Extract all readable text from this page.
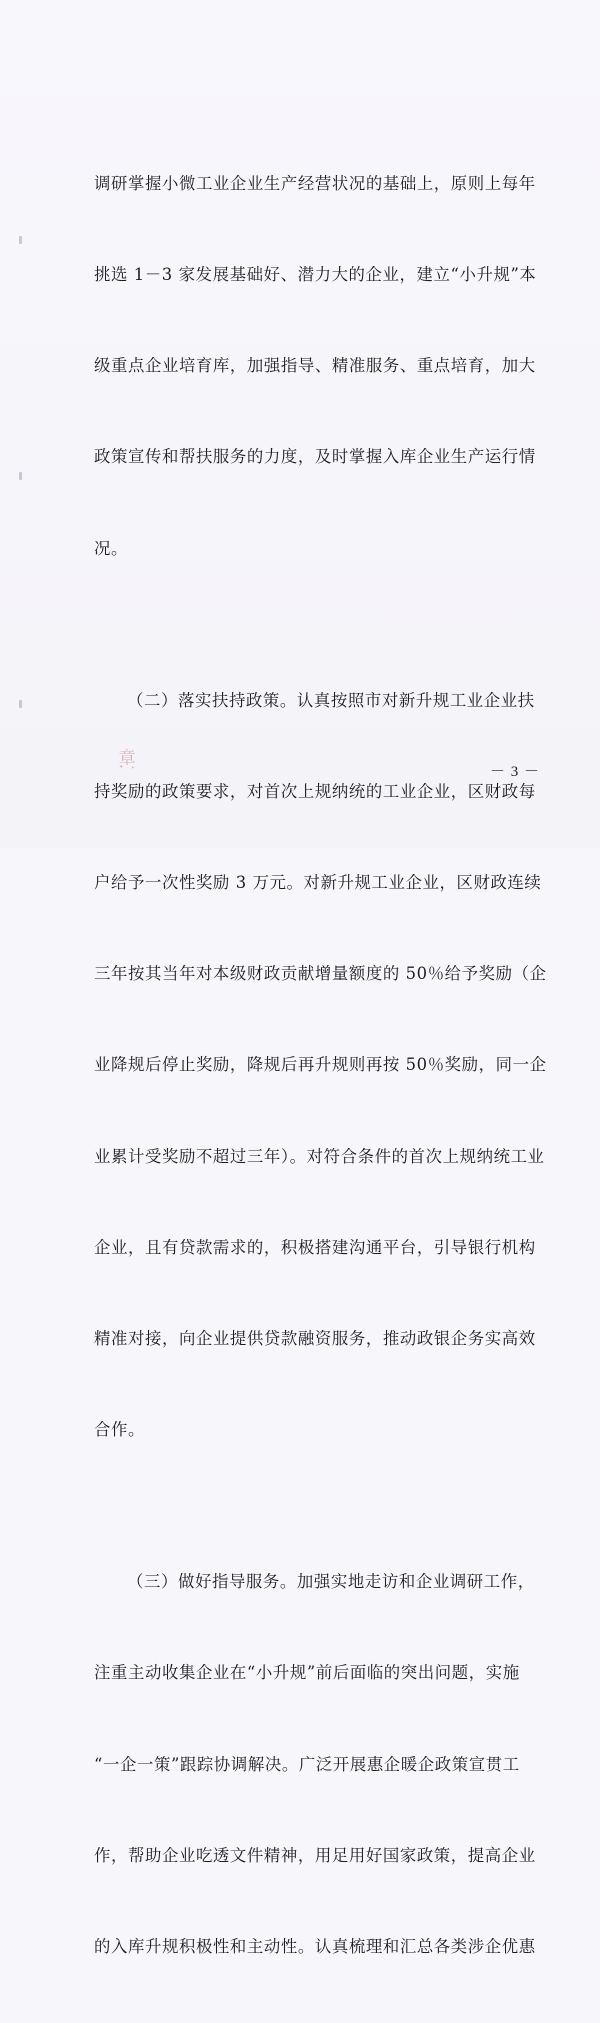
调研掌握小微工业企业生产经营状况的基础上，原则上每年

挑选 1－3 家发展基础好、潜力大的企业，建立“小升规”本

级重点企业培育库，加强指导、精准服务、重点培育，加大

政策宣传和帮扶服务的力度，及时掌握入库企业生产运行情

况。

（二）落实扶持政策。认真按照市对新升规工业企业扶

持奖励的政策要求，对首次上规纳统的工业企业，区财政每

户给予一次性奖励 3 万元。对新升规工业企业，区财政连续

三年按其当年对本级财政贡献增量额度的 50％给予奖励（企

业降规后停止奖励，降规后再升规则再按 50％奖励，同一企

业累计受奖励不超过三年）。对符合条件的首次上规纳统工业

企业，且有贷款需求的，积极搭建沟通平台，引导银行机构

精准对接，向企业提供贷款融资服务，推动政银企务实高效

合作。

（三）做好指导服务。加强实地走访和企业调研工作，

注重主动收集企业在“小升规”前后面临的突出问题，实施

“一企一策”跟踪协调解决。广泛开展惠企暖企政策宣贯工

作，帮助企业吃透文件精神，用足用好国家政策，提高企业

的入库升规积极性和主动性。认真梳理和汇总各类涉企优惠

章
－ 3 －
